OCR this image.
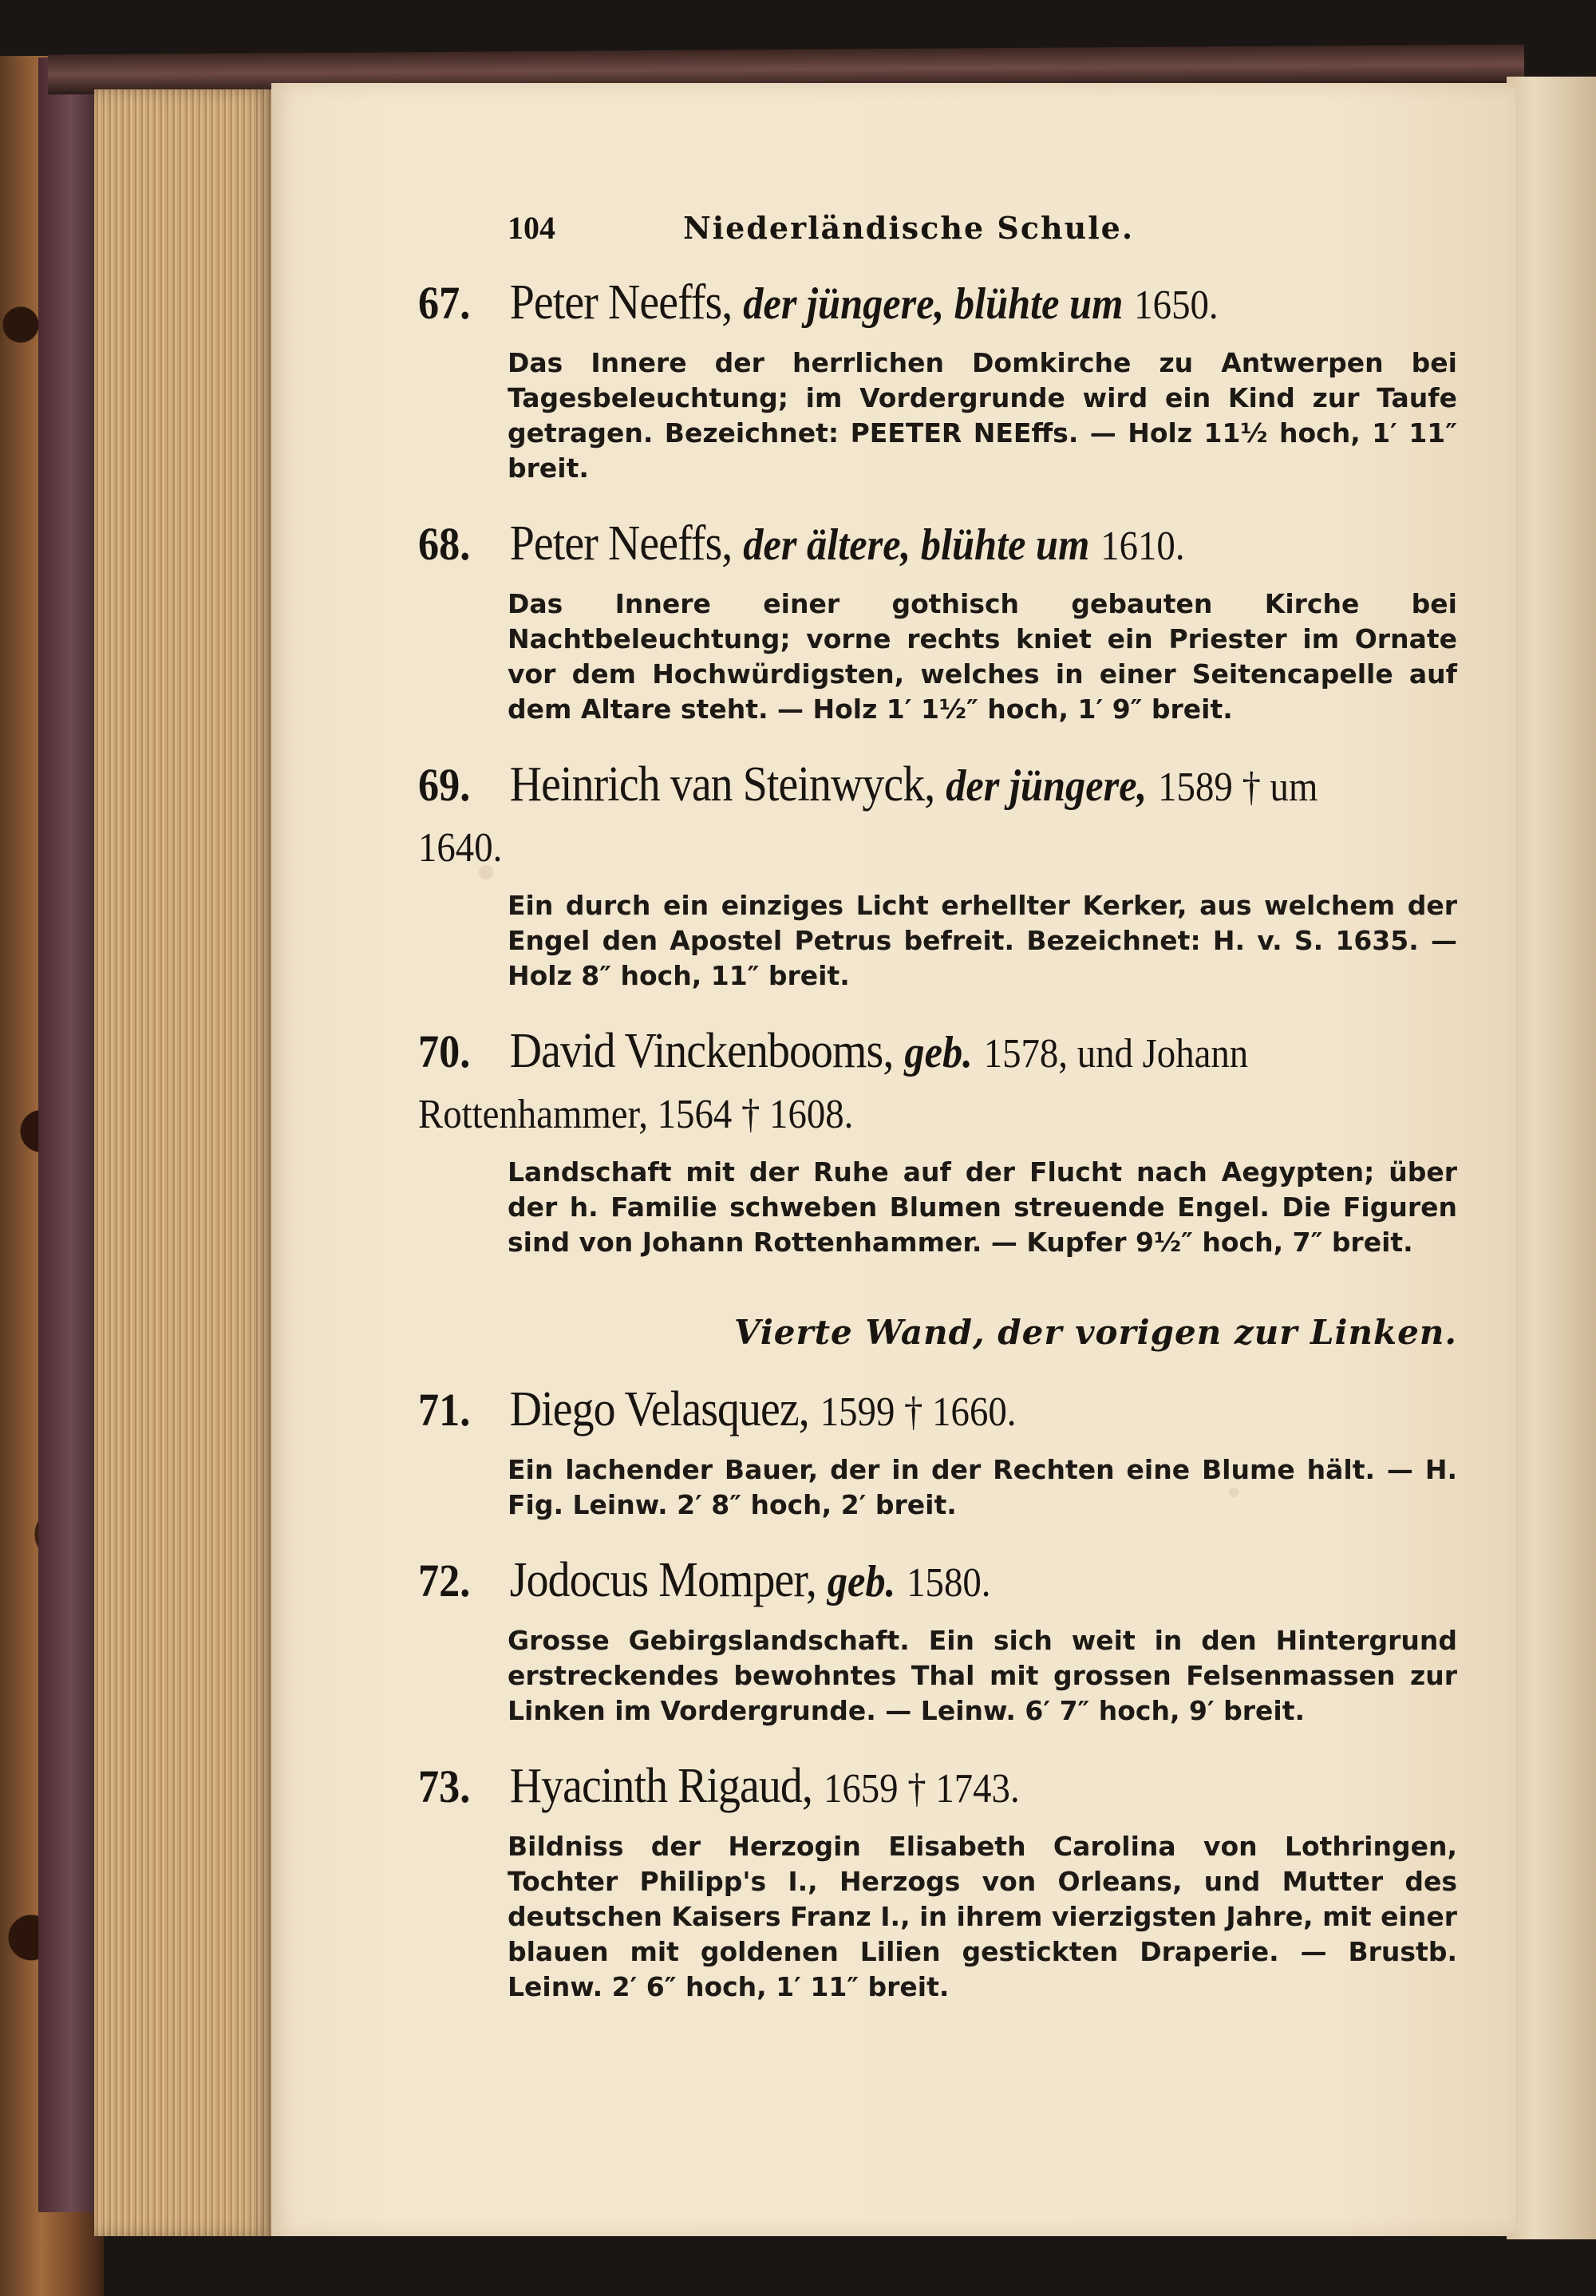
104	Niederländische Schule.
67. Peter Neeffs, der jüngere, blühte um 1650.
Das Innere der herrlichen Domkirche zu Antwerpen bei Tagesbeleuchtung; im Vordergrunde wird ein Kind zur Taufe getragen. Bezeichnet: PEETER NEEffs. — Holz 11½ hoch, 1′ 11″ breit.
68. Peter Neeffs, der ältere, blühte um 1610.
Das Innere einer gothisch gebauten Kirche bei Nachtbeleuchtung; vorne rechts kniet ein Priester im Ornate vor dem Hochwürdigsten, welches in einer Seitencapelle auf dem Altare steht. — Holz 1′ 1½″ hoch, 1′ 9″ breit.
69. Heinrich van Steinwyck, der jüngere, 1589 † um 1640.
Ein durch ein einziges Licht erhellter Kerker, aus welchem der Engel den Apostel Petrus befreit. Bezeichnet: H. v. S. 1635. — Holz 8″ hoch, 11″ breit.
70. David Vinckenbooms, geb. 1578, und Johann Rottenhammer, 1564 † 1608.
Landschaft mit der Ruhe auf der Flucht nach Aegypten; über der h. Familie schweben Blumen streuende Engel. Die Figuren sind von Johann Rottenhammer. — Kupfer 9½″ hoch, 7″ breit.
Vierte Wand, der vorigen zur Linken.
71. Diego Velasquez, 1599 † 1660.
Ein lachender Bauer, der in der Rechten eine Blume hält. — H. Fig. Leinw. 2′ 8″ hoch, 2′ breit.
72. Jodocus Momper, geb. 1580.
Grosse Gebirgslandschaft. Ein sich weit in den Hintergrund erstreckendes bewohntes Thal mit grossen Felsenmassen zur Linken im Vordergrunde. — Leinw. 6′ 7″ hoch, 9′ breit.
73. Hyacinth Rigaud, 1659 † 1743.
Bildniss der Herzogin Elisabeth Carolina von Lothringen, Tochter Philipp's I., Herzogs von Orleans, und Mutter des deutschen Kaisers Franz I., in ihrem vierzigsten Jahre, mit einer blauen mit goldenen Lilien gestickten Draperie. — Brustb. Leinw. 2′ 6″ hoch, 1′ 11″ breit.
